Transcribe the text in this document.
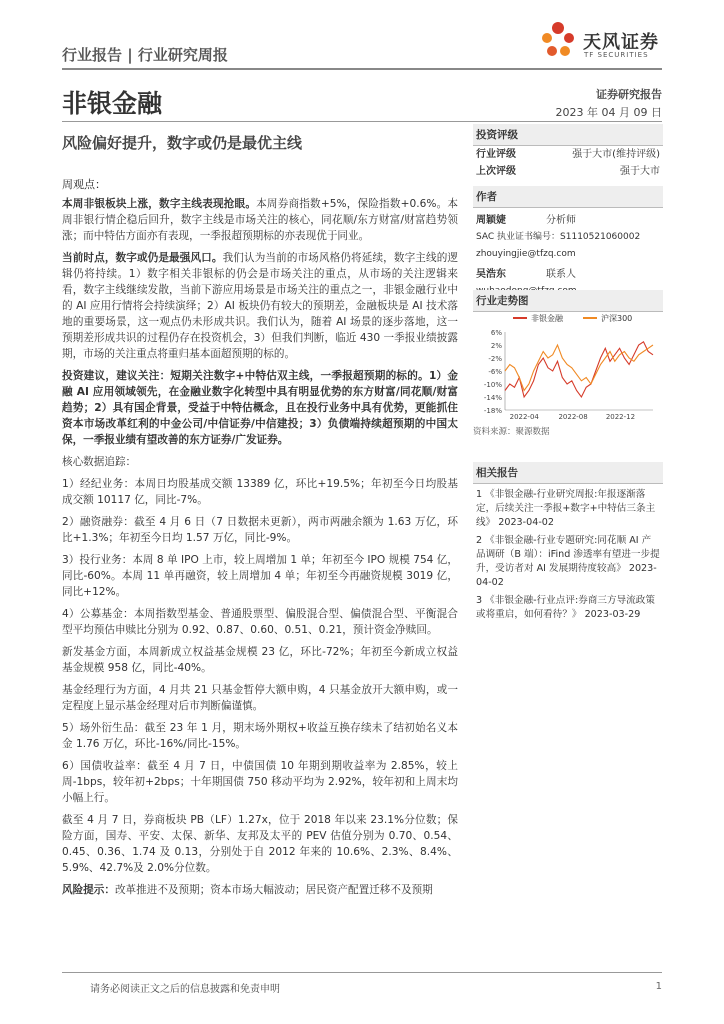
行业报告 | 行业研究周报
天风证券
TF SECURITIES
非银金融	证券研究报告
2023 年 04 月 09 日
风险偏好提升，数字或仍是最优主线
周观点：

本周非银板块上涨，数字主线表现抢眼。本周券商指数+5%，保险指数+0.6%。本周非银行情企稳后回升，数字主线是市场关注的核心，同花顺/东方财富/财富趋势领涨；而中特估方面亦有表现，一季报超预期标的亦表现优于同业。

当前时点，数字或仍是最强风口。我们认为当前的市场风格仍将延续，数字主线的逻辑仍将持续。1）数字相关非银标的仍会是市场关注的重点，从市场的关注逻辑来看，数字主线继续发散，当前下游应用场景是市场关注的重点之一，非银金融行业中的 AI 应用行情将会持续演绎；2）AI 板块仍有较大的预期差，金融板块是 AI 技术落地的重要场景，这一观点仍未形成共识。我们认为，随着 AI 场景的逐步落地，这一预期差形成共识的过程仍存在投资机会，3）但我们判断，临近 430 一季报业绩披露期，市场的关注重点将重归基本面超预期的标的。

投资建议，建议关注：短期关注数字+中特估双主线，一季报超预期的标的。1）金融 AI 应用领域领先，在金融业数字化转型中具有明显优势的东方财富/同花顺/财富趋势；2）具有国企背景，受益于中特估概念，且在投行业务中具有优势，更能抓住资本市场改革红利的中金公司/中信证券/中信建投；3）负债端持续超预期的中国太保，一季报业绩有望改善的东方证券/广发证券。

核心数据追踪：

1）经纪业务：本周日均股基成交额 13389 亿，环比+19.5%；年初至今日均股基成交额 10117 亿，同比-7%。

2）融资融券：截至 4 月 6 日（7 日数据未更新），两市两融余额为 1.63 万亿，环比+1.3%；年初至今日均 1.57 万亿，同比-9%。

3）投行业务：本周 8 单 IPO 上市，较上周增加 1 单；年初至今 IPO 规模 754 亿，同比-60%。本周 11 单再融资，较上周增加 4 单；年初至今再融资规模 3019 亿，同比+12%。

4）公募基金：本周指数型基金、普通股票型、偏股混合型、偏债混合型、平衡混合型平均预估申赎比分别为 0.92、0.87、0.60、0.51、0.21，预计资金净赎回。

新发基金方面，本周新成立权益基金规模 23 亿，环比-72%；年初至今新成立权益基金规模 958 亿，同比-40%。

基金经理行为方面，4 月共 21 只基金暂停大额申购，4 只基金放开大额申购，或一定程度上显示基金经理对后市判断偏谨慎。

5）场外衍生品：截至 23 年 1 月，期末场外期权+收益互换存续未了结初始名义本金 1.76 万亿，环比-16%/同比-15%。

6）国债收益率：截至 4 月 7 日，中债国债 10 年期到期收益率为 2.85%，较上周-1bps，较年初+2bps；十年期国债 750 移动平均为 2.92%，较年初和上周末均小幅上行。

截至 4 月 7 日，券商板块 PB（LF）1.27x，位于 2018 年以来 23.1%分位数；保险方面，国寿、平安、太保、新华、友邦及太平的 PEV 估值分别为 0.70、0.54、0.45、0.36、1.74 及 0.13，分别处于自 2012 年来的 10.6%、2.3%、8.4%、5.9%、42.7%及 2.0%分位数。

风险提示：改革推进不及预期；资本市场大幅波动；居民资产配置迁移不及预期

投资评级
行业评级	强于大市(维持评级)
上次评级	强于大市
作者
周颖婕	分析师
SAC 执业证书编号：S1110521060002
zhouyingjie@tfzq.com
吴浩东	联系人
行业走势图
非银金融	沪深300
6%
2%
-2%
-6%
-10%
-14%
-18%
2022-04	2022-08	2022-12
资料来源：聚源数据
相关报告
1 《非银金融-行业研究周报:年报逐渐落定，后续关注一季报+数字+中特估三条主线》 2023-04-02
2 《非银金融-行业专题研究:同花顺 AI 产品调研（B 端）：iFind 渗透率有望进一步提升，受访者对 AI 发展期待度较高》 2023-04-02
3 《非银金融-行业点评:券商三方导流政策或将重启，如何看待？》 2023-03-29
请务必阅读正文之后的信息披露和免责申明	1
